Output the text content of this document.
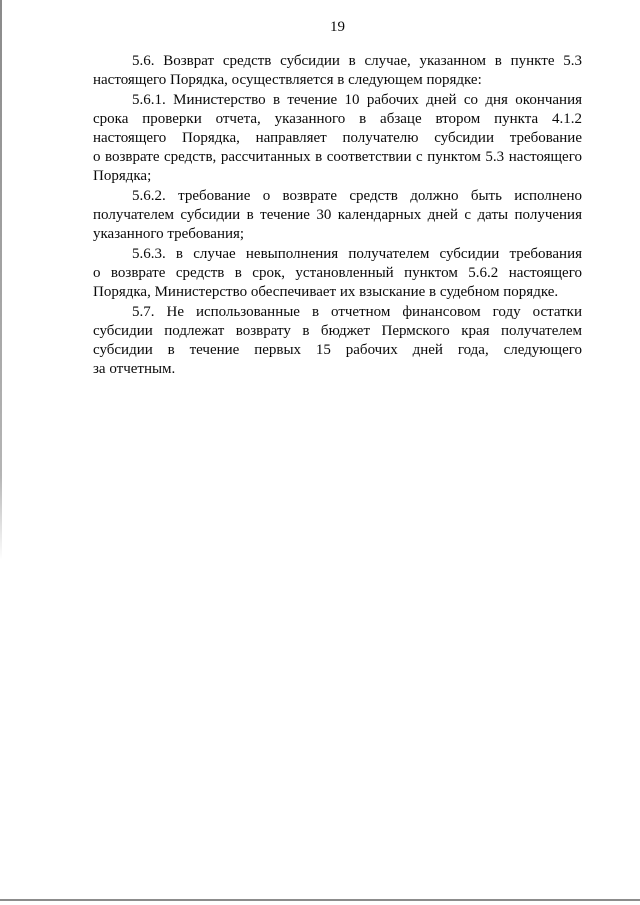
19
5.6. Возврат средств субсидии в случае, указанном в пункте 5.3
настоящего Порядка, осуществляется в следующем порядке:
5.6.1. Министерство в течение 10 рабочих дней со дня окончания
срока проверки отчета, указанного в абзаце втором пункта 4.1.2
настоящего Порядка, направляет получателю субсидии требование
о возврате средств, рассчитанных в соответствии с пунктом 5.3 настоящего
Порядка;
5.6.2. требование о возврате средств должно быть исполнено
получателем субсидии в течение 30 календарных дней с даты получения
указанного требования;
5.6.3. в случае невыполнения получателем субсидии требования
о возврате средств в срок, установленный пунктом 5.6.2 настоящего
Порядка, Министерство обеспечивает их взыскание в судебном порядке.
5.7. Не использованные в отчетном финансовом году остатки
субсидии подлежат возврату в бюджет Пермского края получателем
субсидии в течение первых 15 рабочих дней года, следующего
за отчетным.
